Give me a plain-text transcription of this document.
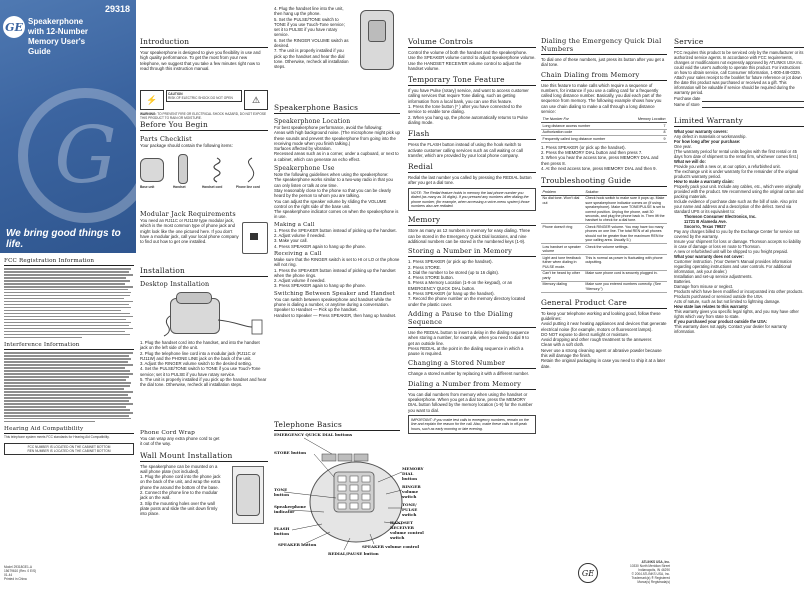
GE
29318
Speakerphone with 12-Number Memory User's Guide
G
We bring good things to life.
FCC Registration Information
Interference Information
Hearing Aid Compatibility
This telephone system meets FCC standards for Hearing Aid Compatibility.

FCC NUMBER IS LOCATED ON THE CABINET BOTTOM

REN NUMBER IS LOCATED ON THE CABINET BOTTOM

Model 29318GE1-A

15679610 (Rev. 0 E/S)

01-44

Printed in China

⚡

CAUTION

RISK OF ELECTRIC SHOCK DO NOT OPEN	⚠
WARNING: TO PREVENT FIRE OR ELECTRICAL SHOCK HAZARD, DO NOT EXPOSE THIS PRODUCT TO RAIN OR MOISTURE.
Introduction
Your speakerphone is designed to give you flexibility in use and high quality performance. To get the most from your new telephone, we suggest that you take a few minutes right now to read through this instruction manual.
Before You Begin
Parts Checklist
Your package should contain the following items:
Base unit	Handset	Handset cord	Phone line cord
Modular Jack Requirements
You need an RJ11C or RJ11W type modular jack, which is the most common type of phone jack and might look like the one pictured here. If you don't have a modular jack, call your local phone company to find out how to get one installed.
Installation
Desktop Installation

1. Plug the handset cord into the handset, and into the handset jack on the left side of the unit.

2. Plug the telephone line cord into a modular jack (RJ11C or RJ11W) and the PHONE LINE jack on the back of the unit.

3. Adjust the RINGER volume switch to the desired setting.

4. Set the PULSE/TONE switch to TONE if you use Touch-Tone service; set it to PULSE if you have rotary service.

5. The unit is properly installed if you pick up the handset and hear the dial tone. Otherwise, recheck all installation steps.

Phone Cord Wrap
You can wrap any extra phone cord to get it out of the way.
Wall Mount Installation

The speakerphone can be mounted on a wall phone plate (not included).

1. Plug the phone cord into the phone jack on the back of the unit, and wrap the extra phone the around the bottom of the base.

2. Connect the phone line to the modular jack on the wall.

3. Slip the mounting holes over the wall plate posts and slide the unit down firmly into place.

4. Plug the handset line into the unit, then hang up the phone.

5. Set the PULSE/TONE switch to TONE if you use Touch-Tone service; set it to PULSE if you have rotary service.

6. Set the RINGER VOLUME switch as desired.

7. The unit is properly installed if you pick up the handset and hear the dial tone. Otherwise, recheck all installation steps.

Speakerphone Basics
Speakerphone Location

For best speakerphone performance, avoid the following:

Areas with high background noise. (The microphone might pick up these sounds and prevent the speakerphone from going into the receiving mode when you finish talking.)

Surfaces affected by vibration.

Recessed areas such as in a corner, under a cupboard, or next to a cabinet, which can generate an echo effect.

Speakerphone Use

Note the following guidelines when using the speakerphone:

The speakerphone works similar to a two-way radio in that you can only listen or talk at one time.

Stay reasonably close to the phone so that you can be clearly heard by the person to whom you are talking.

You can adjust the speaker volume by sliding the VOLUME control on the right side of the base unit.

The speakerphone indicator comes on when the speakerphone is in use.

Making a Call

1. Press the SPEAKER button instead of picking up the handset.

2. Adjust volume if needed.

3. Make your call.

4. Press SPEAKER again to hang up the phone.

Receiving a Call

Make sure that the RINGER switch is set to HI or LO or the phone will not ring.

1. Press the SPEAKER button instead of picking up the handset when the phone rings.

2. Adjust volume if needed.

3. Press SPEAKER again to hang up the phone.

Switching Between Speaker and Handset

You can switch between speakerphone and handset while the phone is dialing a number, or anytime during a conversation.

Speaker to Handset — Pick up the handset.

Handset to Speaker — Press SPEAKER, then hang up handset.

Telephone Basics
EMERGENCY QUICK DIAL buttons
STORE button
MEMORY DIAL button
RINGER volume switch
TONE button
Speakerphone indicator
TONE/ PULSE switch
FLASH button
HANDSET RECEIVER volume control switch
SPEAKER button	SPEAKER volume control
REDIAL/PAUSE button
Volume Controls

Control the volume of both the handset and the speakerphone.

Use the SPEAKER volume control to adjust speakerphone volume.

Use the HANDSET RECEIVER volume control to adjust the handset volume.

Temporary Tone Feature

If you have Pulse (rotary) service, and want to access customer calling services that require Tone dialing, such as getting information from a local bank, you can use this feature.

1. Press the tone button (* ) after you have connected to the service to enable tone dialing.

2. When you hang up, the phone automatically returns to Pulse dialing mode.

Flash
Press the FLASH button instead of using the hook switch to activate customer calling services such as call waiting or call transfer, which are provided by your local phone company.
Redial
Redial the last number you called by pressing the REDIAL button after you get a dial tone.
NOTE: The Redial feature holds in memory the last phone number you dialed (as many as 16 digits). If you pressed any numbers after dialing the phone number, (for example, when accessing a voice-menu system) those numbers also are redialed.
Memory
Store as many as 12 numbers in memory for easy dialing. Three can be stored in the Emergency Quick Dial locations, and nine additional numbers can be stored in the numbered keys (1-9).
Storing a Number in Memory

1. Press SPEAKER (or pick up the handset).

2. Press STORE.

3. Dial the number to be stored (up to 16 digits).

4. Press STORE button.

5. Press a Memory Location (1-9 on the keypad), or an EMERGENCY QUICK DIAL button.

6. Press SPEAKER (or hang up the handset).

7. Record the phone number on the memory directory located under the plastic cover.

Adding a Pause to the Dialing Sequence

Use the REDIAL button to insert a delay in the dialing sequence when storing a number, for example, when you need to dial 9 to get an outside line.

Press REDIAL at the point in the dialing sequence in which a pause is required.

Changing a Stored Number
Change a stored number by replacing it with a different number.
Dialing a Number from Memory
You can dial numbers from memory when using the handset or speakerphone. When you get a dial tone, press the MEMORY DIAL button followed by the memory location (1-9) for the number you want to dial.
IMPORTANT: If you make test calls to emergency numbers, remain on the line and explain the reason for the call. Also, make these calls in off-peak hours, such as early morning or late evening.
Dialing the Emergency Quick Dial Numbers
To dial one of these numbers, just press its button after you get a dial tone.
Chain Dialing from Memory
Use this feature to make calls which require a sequence of numbers, for instance if you use a calling card for a frequently called long distance number. Basically, you dial each part of the sequence from memory. The following example shows how you can use chain dialing to make a call through a long distance service:
The Number For	Memory Location
Long distance access number	7
Authorization code	8
Frequently called long distance number	9

1. Press SPEAKER (or pick up the handset).

2. Press the MEMORY DIAL button and then press 7.

3. When you hear the access tone, press MEMORY DIAL and then press 8.

4. At the next access tone, press MEMORY DIAL and then 9.

Troubleshooting Guide
Problem	Solution
No dial tone. Won't dial out	Check hook switch to make sure it pops up. Make sure speakerphone indicator comes on (if using speakerphone). Make sure TONE/PULSE is set to correct position. Unplug the phone, wait 30 seconds, and plug the phone back in. Then lift the handset to check for a dial tone.
Phone doesn't ring	Check RINGER volume. You may have too many phones on one line. The total REN of all phones should not be greater than the maximum REN for your calling area. Usually 5.)
Low handset or speaker volume	Check the volume settings.
Light and tone feedback futher when dialing in PULSE mode.	This is normal as power is fluctuating with phone outputting.
Can't be heard by other party	Make sure phone cord is securely plugged in.
Memory dialing	Make sure you entered numbers correctly. (See “Memory.”)
General Product Care

To keep your telephone working and looking good, follow these guidelines:

Avoid putting it near heating appliances and devices that generate electrical noise (for example, motors or fluorescent lamps).

DO NOT expose to direct sunlight or moisture.

Avoid dropping and other rough treatment to the answerer.

Clean with a soft cloth.

Never use a strong cleaning agent or abrasive powder because this will damage the finish.

Retain the original packaging in case you need to ship it at a later date.

Service

FCC requires this product to be serviced only by the manufacturer or its authorized service agents. In accordance with FCC requirements, changes or modifications not expressly approved by ATLINKS USA Inc. could void the user's authority to operate this product. For instructions on how to obtain service, call Consumer Information, 1-800-448-0329.

Attach your sales receipt to the booklet for future reference or jot down the date this product was purchased or received as a gift. This information will be valuable if service should be required during the warranty period.

Purchase date
Name of store
Limited Warranty

What your warranty covers:

Any defect in materials or workmanship.

For how long after your purchase:

One year.

(The warranty period for rental units begins with the first rental or 45 days from date of shipment to the rental firm, whichever comes first.)

What we will do:

Provide you with a new or, at our option, a refurbished unit.

The exchange unit is under warranty for the remainder of the original product's warranty period.

How to make a warranty claim:

Properly pack your unit. Include any cables, etc., which were originally provided with the product. We recommend using the original carton and packing materials.

Include evidence of purchase date such as the bill of sale. Also print your name and address and a description of the defect. Send via standard UPS or its equivalent to:

Thomson Consumer Electronics, Inc.

11721 B Alameda Ave.

Socorro, Texas 79927

Pay any charges billed to you by the Exchange Center for service not covered by the warranty.

Insure your shipment for loss or damage. Thomson accepts no liability in case of damage or loss en route to Thomson.

A new or refurbished unit will be shipped to you freight prepaid.

What your warranty does not cover:

Customer instruction. (Your Owner's Manual provides information regarding operating instructions and user controls. For additional information, ask your dealer.)

Installation and set-up service adjustments.

Batteries.

Damage from misuse or neglect.

Products which have been modified or incorporated into other products.

Products purchased or serviced outside the USA.

Acts of nature, such as but not limited to lightning damage.

How state law relates to this warranty:

This warranty gives you specific legal rights, and you may have other rights which vary from state to state.

If you purchased your product outside the USA:

This warranty does not apply. Contact your dealer for warranty information.

ATLINKS USA, Inc.

10330 North Meridian Street

Indianapolis, IN 46290

© 2004 ATLINKS USA, Inc.

Trademark(s) ® Registered

Marca(s) Registrada(s)

GE
